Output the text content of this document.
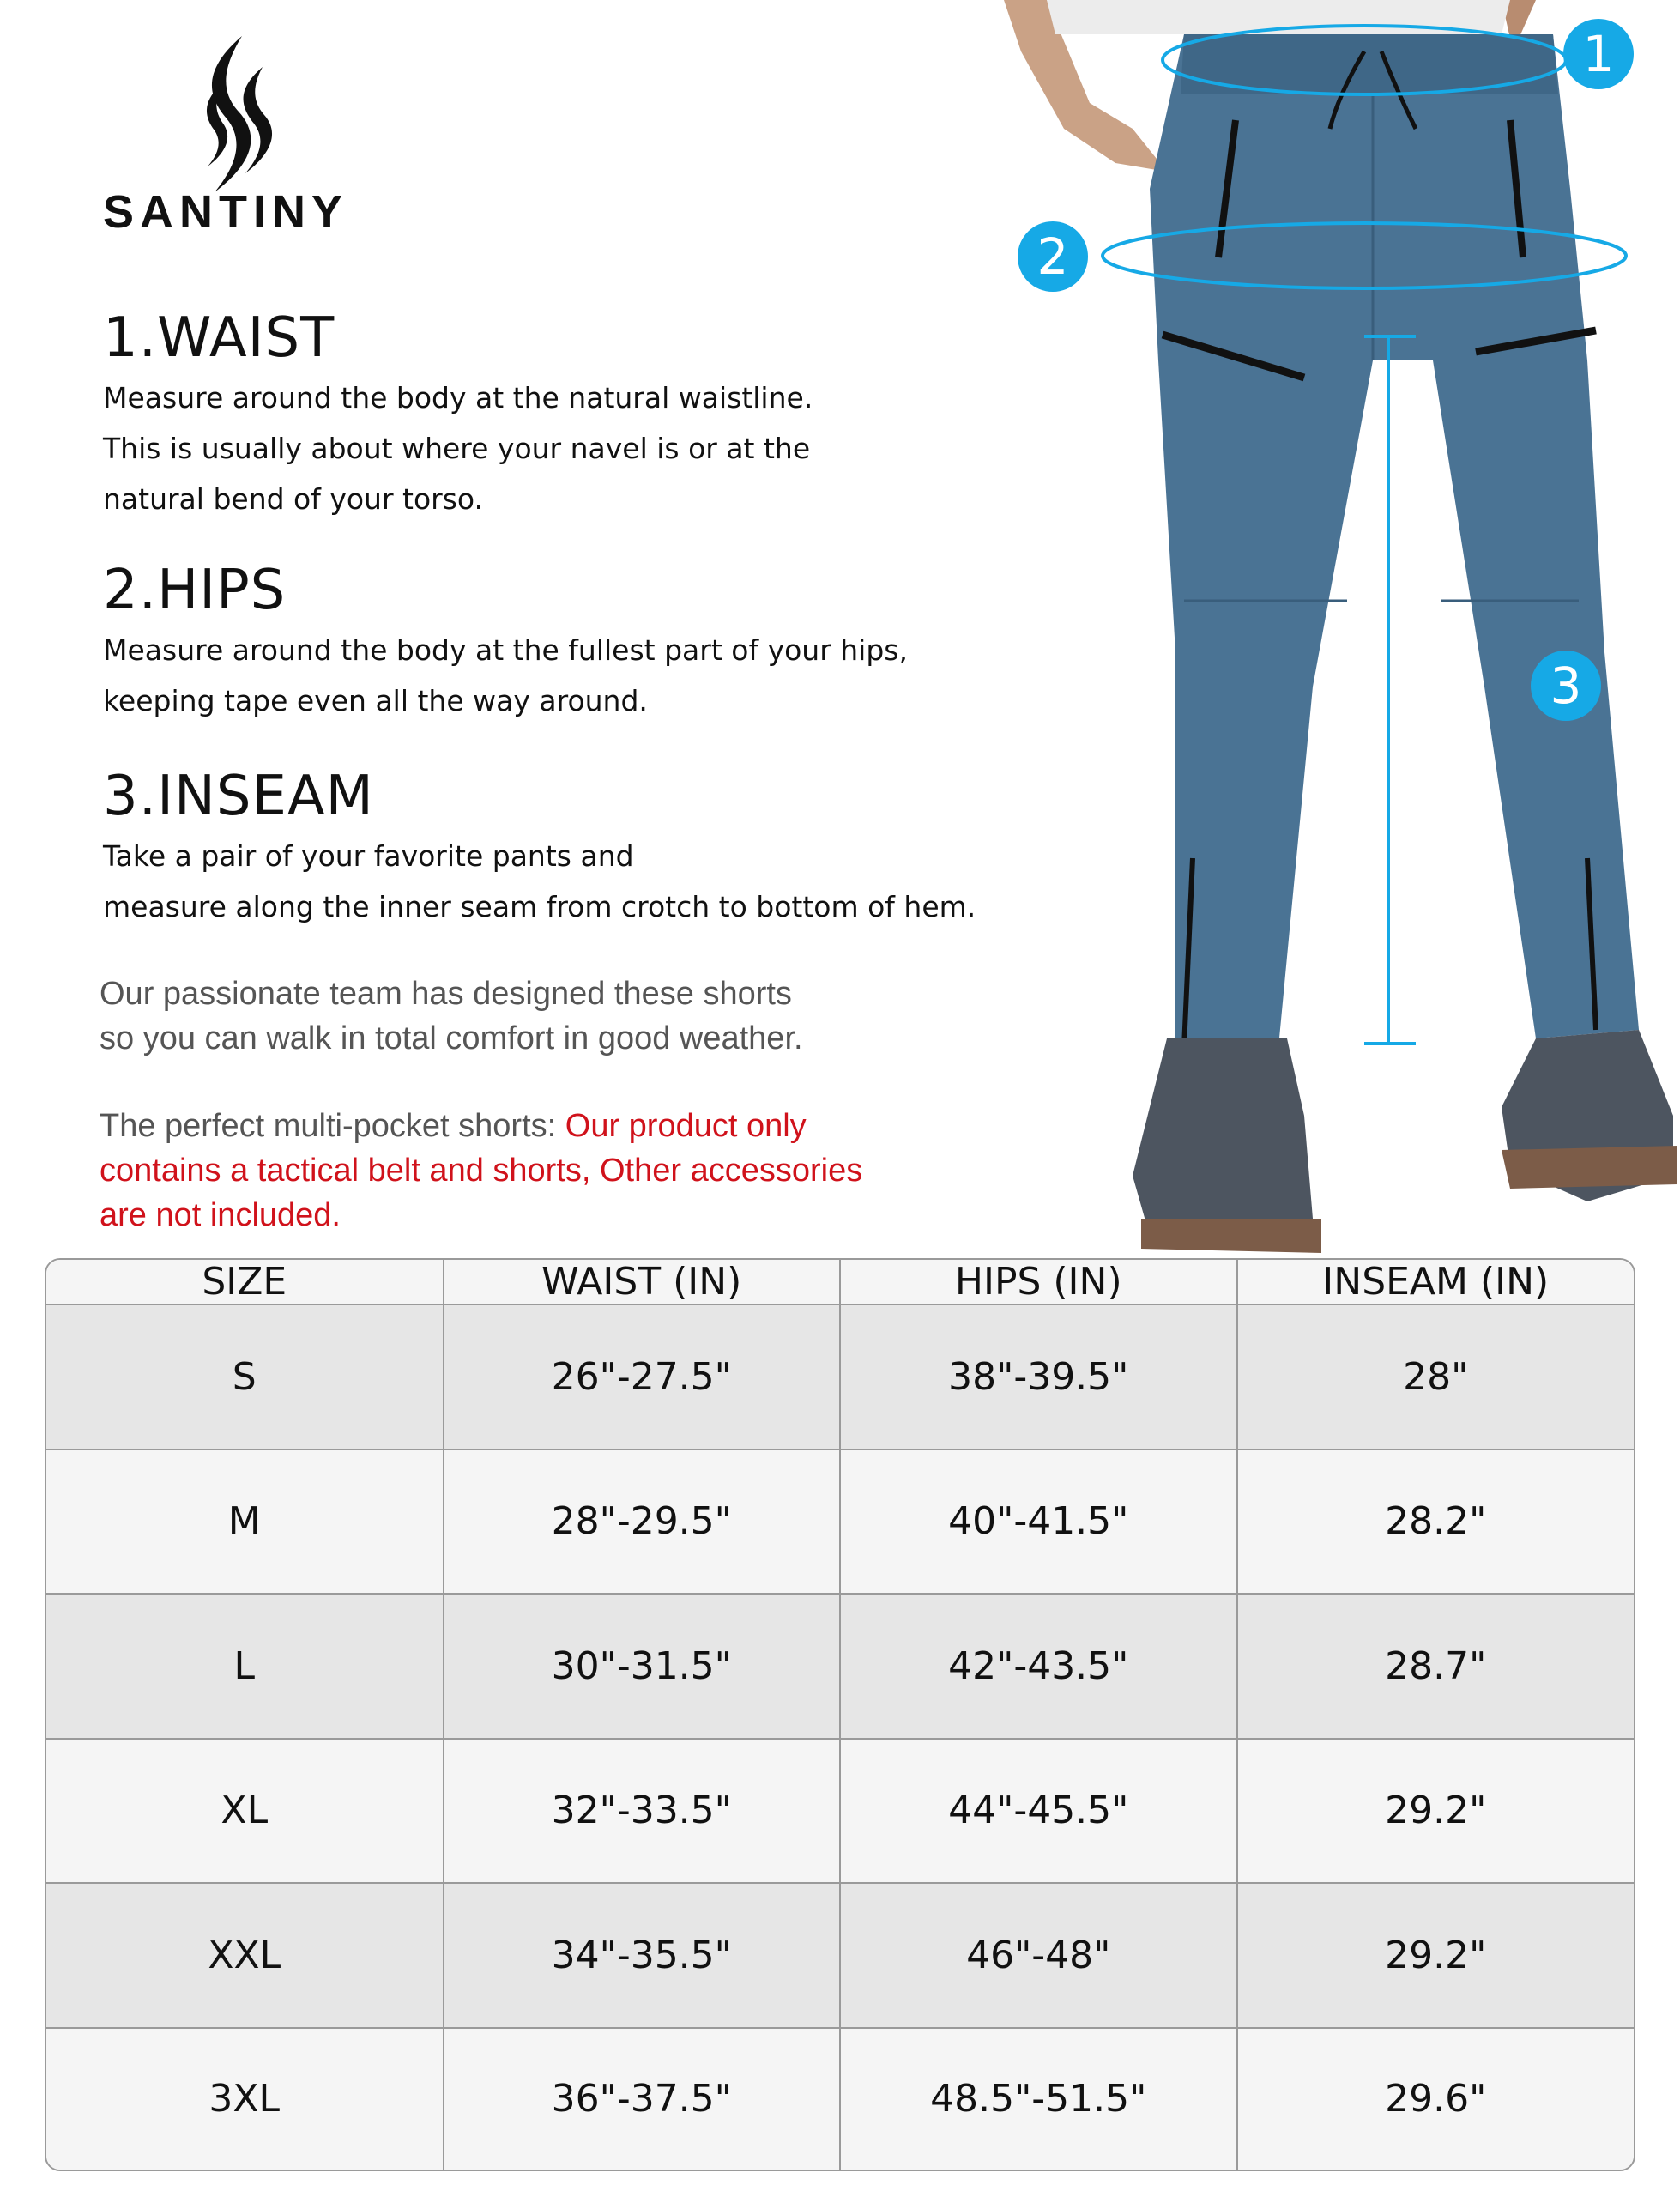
SANTINY
1.WAIST

Measure around the body at the natural waistline.
This is usually about where your navel is or at the
natural bend of your torso.

2.HIPS

Measure around the body at the fullest part of your hips,
keeping tape even all the way around.

3.INSEAM

Take a pair of your favorite pants and
measure along the inner seam from crotch to bottom of hem.

Our passionate team has designed these shorts
so you can walk in total comfort in good weather.
The perfect multi-pocket shorts: Our product only
contains a tactical belt and shorts, Other accessories
are not included.
1
2
3
SIZE	WAIST (IN)	HIPS (IN)	INSEAM (IN)
S	26"-27.5"	38"-39.5"	28"
M	28"-29.5"	40"-41.5"	28.2"
L	30"-31.5"	42"-43.5"	28.7"
XL	32"-33.5"	44"-45.5"	29.2"
XXL	34"-35.5"	46"-48"	29.2"
3XL	36"-37.5"	48.5"-51.5"	29.6"
